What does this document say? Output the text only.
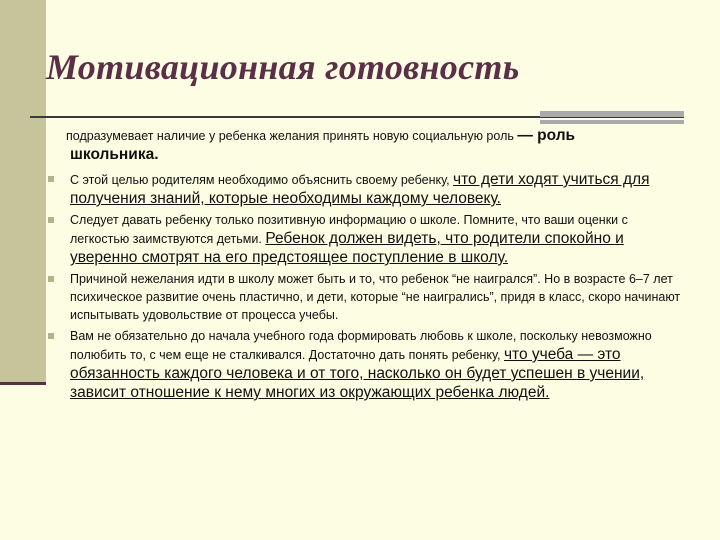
Мотивационная готовность
подразумевает наличие у ребенка желания принять новую социальную роль — роль
школьника.

С этой целью родителям необходимо объяснить своему ребенку, что дети ходят учиться для получения знаний, которые необходимы каждому человеку.

Следует давать ребенку только позитивную информацию о школе. Помните, что ваши оценки с легкостью заимствуются детьми. Ребенок должен видеть, что родители спокойно и уверенно смотрят на его предстоящее поступление в школу.

Причиной нежелания идти в школу может быть и то, что ребенок “не наигрался”. Но в возрасте 6–7 лет психическое развитие очень пластично, и дети, которые “не наигрались”, придя в класс, скоро начинают испытывать удовольствие от процесса учебы.

Вам не обязательно до начала учебного года формировать любовь к школе, поскольку невозможно полюбить то, с чем еще не сталкивался. Достаточно дать понять ребенку, что учеба — это обязанность каждого человека и от того, насколько он будет успешен в учении, зависит отношение к нему многих из окружающих ребенка людей.
